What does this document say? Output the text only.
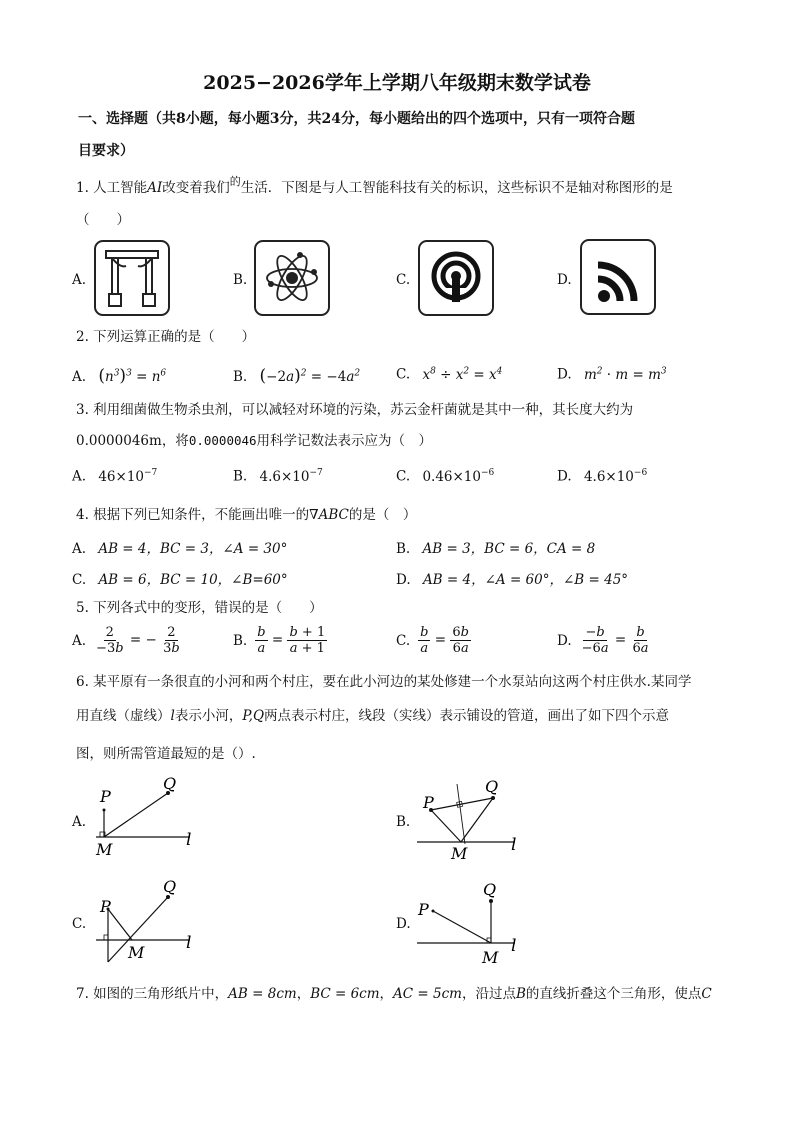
2025−2026学年上学期八年级期末数学试卷
一、选择题（共8小题，每小题3分，共24分，每小题给出的四个选项中，只有一项符合题
目要求）
1. 人工智能AI改变着我们$^的$生活．下图是与人工智能科技有关的标识，这些标识不是轴对称图形的是
（　　）
A.	B.	C.	D.
2. 下列运算正确的是（　　）
A. $(n^3)^3 = n^6$	B. $(-2a)^2 = -4a^2$	C. $x^8 \div x^2 = x^4$	D. $m^2 \cdot m = m^3$
3. 利用细菌做生物杀虫剂，可以减轻对环境的污染，苏云金杆菌就是其中一种，其长度大约为
0.0000046m，将0.0000046用科学记数法表示应为（　）
A. $46\times 10^{-7}$	B. $4.6\times 10^{-7}$	C. $0.46\times 10^{-6}$	D. $4.6\times 10^{-6}$
4. 根据下列已知条件，不能画出唯一的∇ABC的是（　）
A. AB = 4，BC = 3，∠A = 30°	B. AB = 3，BC = 6，CA = 8
C. AB = 6，BC = 10，∠B=60°	D. AB = 4，∠A = 60°，∠B = 45°
5. 下列各式中的变形，错误的是（　　）
A. $\frac{2}{-3b}$ = − $\frac{2}{3b}$	B. $\frac{b}{a} = \frac{b + 1}{a + 1}$	C. $\frac{b}{a} = \frac{6b}{6a}$	D. $\frac{-b}{-6a} = \frac{b}{6a}$
6. 某平原有一条很直的小河和两个村庄，要在此小河边的某处修建一个水泵站向这两个村庄供水.某同学
用直线（虚线）l表示小河，P,Q两点表示村庄，线段（实线）表示铺设的管道，画出了如下四个示意
图，则所需管道最短的是（）.
A.
P
Q
M	l
B.
P
Q
M	l
C.
P
Q
M l
D.
P
Q
M
l
7. 如图的三角形纸片中，AB = 8cm，BC = 6cm，AC = 5cm，沿过点B的直线折叠这个三角形，使点C
